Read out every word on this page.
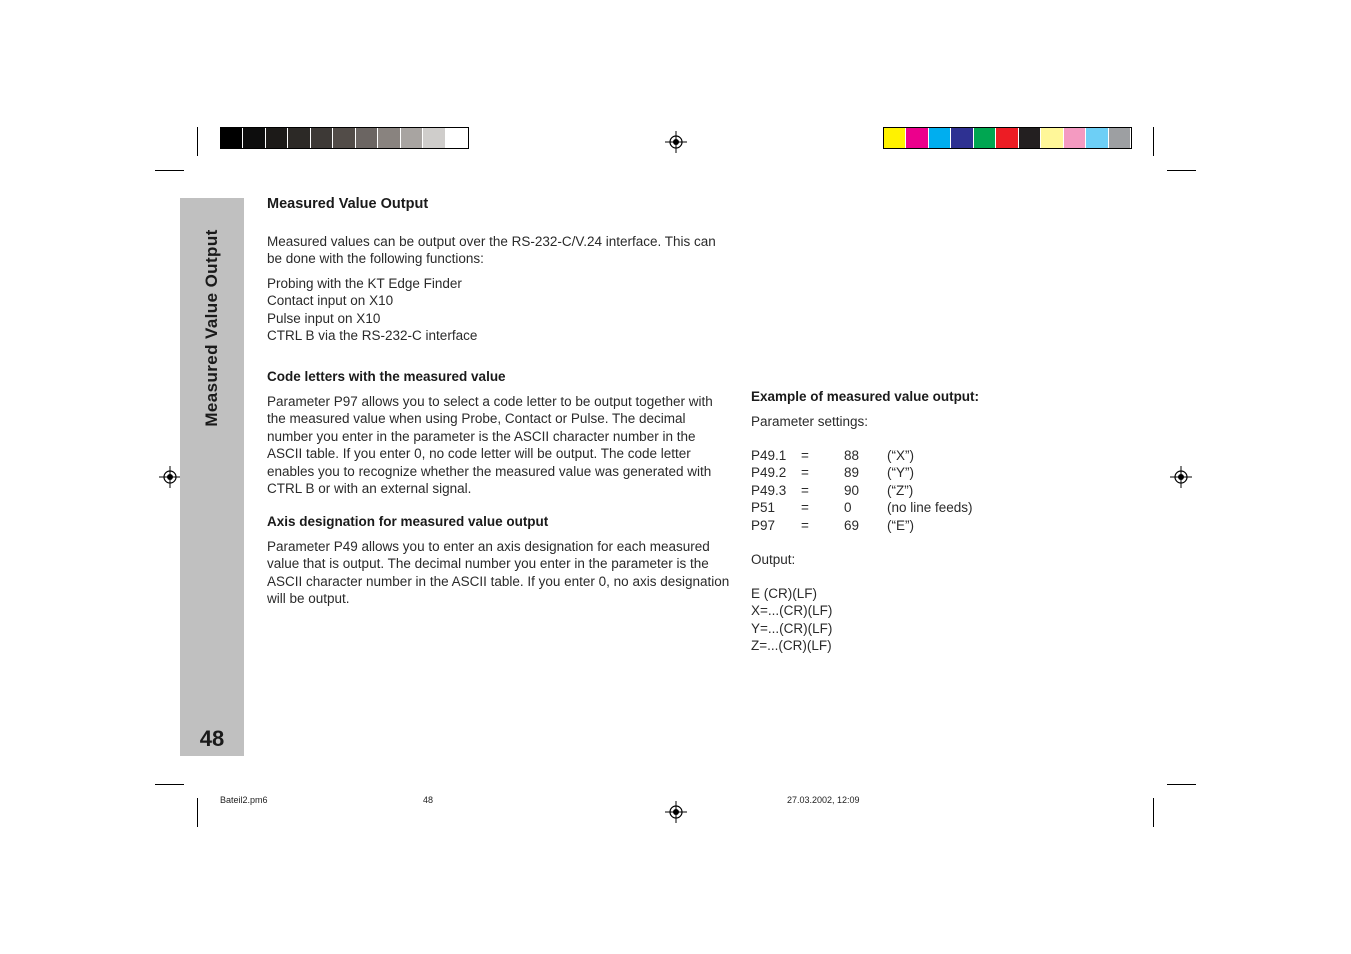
Measured Value Output
48
Measured Value Output
Measured values can be output over the RS-232-C/V.24 interface. This can be done with the following functions:
Probing with the KT Edge Finder
Contact input on X10
Pulse input on X10
CTRL B via the RS-232-C interface
Code letters with the measured value
Parameter P97 allows you to select a code letter to be output together with the measured value when using Probe, Contact or Pulse. The decimal number you enter in the parameter is the ASCII character number in the ASCII table. If you enter 0, no code letter will be output. The code letter enables you to recognize whether the measured value was generated with CTRL B or with an external signal.
Axis designation for measured value output
Parameter P49 allows you to enter an axis designation for each measured value that is output. The decimal number you enter in the parameter is the ASCII character number in the ASCII table. If you enter 0, no axis designation will be output.
Example of measured value output:
Parameter settings:
P49.1	=	88	(“X”)
P49.2	=	89	(“Y”)
P49.3	=	90	(“Z”)
P51	=	0	(no line feeds)
P97	=	69	(“E”)
Output:
E (CR)(LF)
X=...(CR)(LF)
Y=...(CR)(LF)
Z=...(CR)(LF)
Bateil2.pm6	48	27.03.2002, 12:09
